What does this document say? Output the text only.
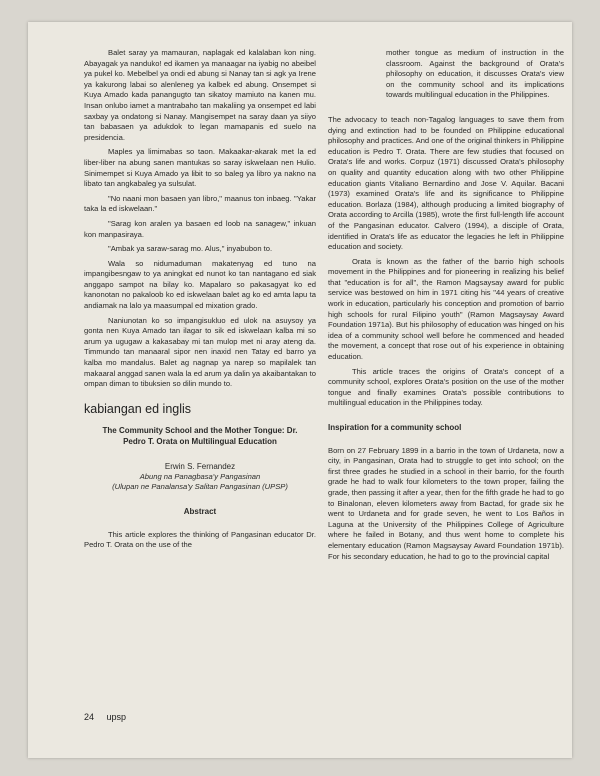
Balet saray ya mamauran, naplagak ed kalalaban kon ning. Abayagak ya nanduko! ed ikamen ya manaagar na iyabig no abeibel ya pukel ko. Mebelbel ya ondi ed abung si Nanay tan si agk ya Irene ya kakurong labai so alenleneg ya kalbek ed abung. Onsempet si Kuya Amado kada panangugto tan sikatoy mamiuto na kanen mu. Insan onlubo iamet a mantrabaho tan makaliing ya onsempet ed labi saxbay ya ondatong si Nanay. Mangisempet na saray daan ya siiyo tan babasaen ya adukdok to legan mamapanis ed suelo na presidencia.

Maples ya limimabas so taon. Makaakar-akarak met la ed liber-liber na abung sanen mantukas so saray iskwelaan nen Hulio. Sinimempet si Kuya Amado ya libit to so baleg ya libro ya nakno na libato tan angkabaleg ya sulsulat.

"No naani mon basaen yan libro," maanus ton inbaeg. "Yakar taka la ed iskwelaan."

"Sarag kon aralen ya basaen ed loob na sanagew," inkuan kon manpasiraya.

"Ambak ya saraw-sarag mo. Alus," inyabubon to.

Wala so nidumaduman makatenyag ed tuno na impangibesngaw to ya aningkat ed nunot ko tan nantagano ed siak anggapo sampot na bilay ko. Mapalaro so pakasagyat ko ed kanonotan no pakaloob ko ed iskwelaan balet ag ko ed amta lapu ta andiamak na lalo ya maasumpal ed mixation grado.

Naniunotan ko so impangisukluo ed ulok na asuysoy ya gonta nen Kuya Amado tan ilagar to sik ed iskwelaan kalba mi so arum ya ugugaw a kakasabay mi tan mulop met ni aray ateng da. Timmundo tan manaaral sipor nen inaxid nen Tatay ed barro ya kalba mo mandalus. Balet ag nagnap ya narep so mapilalek tan makaaral anggad sanen wala la ed arum ya dalin ya akaibantakan to ompan diman to tibuksien so dilin mundo to.

kabiangan ed inglis
The Community School and the Mother Tongue: Dr. Pedro T. Orata on Multilingual Education
Erwin S. Fernandez
Abung na Panagbasa'y Pangasinan
(Ulupan ne Panalansa'y Salitan Pangasinan (UPSP)
Abstract

This article explores the thinking of Pangasinan educator Dr. Pedro T. Orata on the use of the

mother tongue as medium of instruction in the classroom. Against the background of Orata's philosophy on education, it discusses Orata's view on the community school and its implications towards multilingual education in the Philippines.

The advocacy to teach non-Tagalog languages to save them from dying and extinction had to be founded on Philippine educational philosophy and practices. And one of the original thinkers in Philippine education is Pedro T. Orata. There are few studies that focused on Orata's life and works. Corpuz (1971) discussed Orata's philosophy on quality and quantity education along with two other Philippine education giants Vitaliano Bernardino and Jose V. Aquilar. Bacani (1973) examined Orata's life and its significance to Philippine education. Borlaza (1984), although producing a limited biography of Orata according to Arcilla (1985), wrote the first full-length life account of the Pangasinan educator. Calvero (1994), a disciple of Orata, identified in Orata's life as educator the legacies he left in Philippine education and society.

Orata is known as the father of the barrio high schools movement in the Philippines and for pioneering in realizing his belief that "education is for all", the Ramon Magsaysay award for public service was bestowed on him in 1971 citing his "44 years of creative work in education, particularly his conception and promotion of barrio high schools for rural Filipino youth" (Ramon Magsaysay Award Foundation 1971a). But his philosophy of education was hinged on his idea of a community school well before he commenced and headed the movement, a concept that rose out of his experience in obtaining education.

This article traces the origins of Orata's concept of a community school, explores Orata's position on the use of the mother tongue and finally examines Orata's possible contributions to multilingual education in the Philippines today.

Inspiration for a community school

Born on 27 February 1899 in a barrio in the town of Urdaneta, now a city, in Pangasinan, Orata had to struggle to get into school; on the first three grades he studied in a school in their barrio, for the fourth grade he had to walk four kilometers to the town proper, failing the grade, then passing it after a year, then for the fifth grade he had to go to Binalonan, eleven kilometers away from Bactad, for grade six he went to Urdaneta and for grade seven, he went to Los Baños in Laguna at the University of the Philippines College of Agriculture where he failed in Botany, and thus went home to complete his elementary education (Ramon Magsaysay Award Foundation 1971b). For his secondary education, he had to go to the provincial capital

24 upsp
